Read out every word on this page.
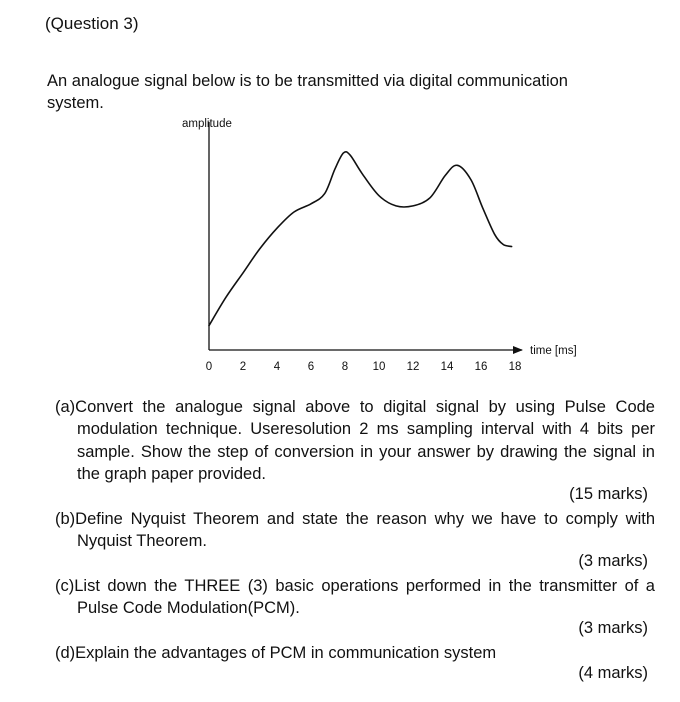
(Question 3)
An analogue signal below is to be transmitted via digital communication system.
amplitude
time [ms]
0 2 4 6 8 10 12 14 16 18
(a)Convert the analogue signal above to digital signal by using Pulse Code modulation technique. Useresolution 2 ms sampling interval with 4 bits per sample. Show the step of conversion in your answer by drawing the signal in the graph paper provided.
(15 marks)
(b)Define Nyquist Theorem and state the reason why we have to comply with Nyquist Theorem.
(3 marks)
(c)List down the THREE (3) basic operations performed in the transmitter of a Pulse Code Modulation(PCM).
(3 marks)
(d)Explain the advantages of PCM in communication system
(4 marks)
